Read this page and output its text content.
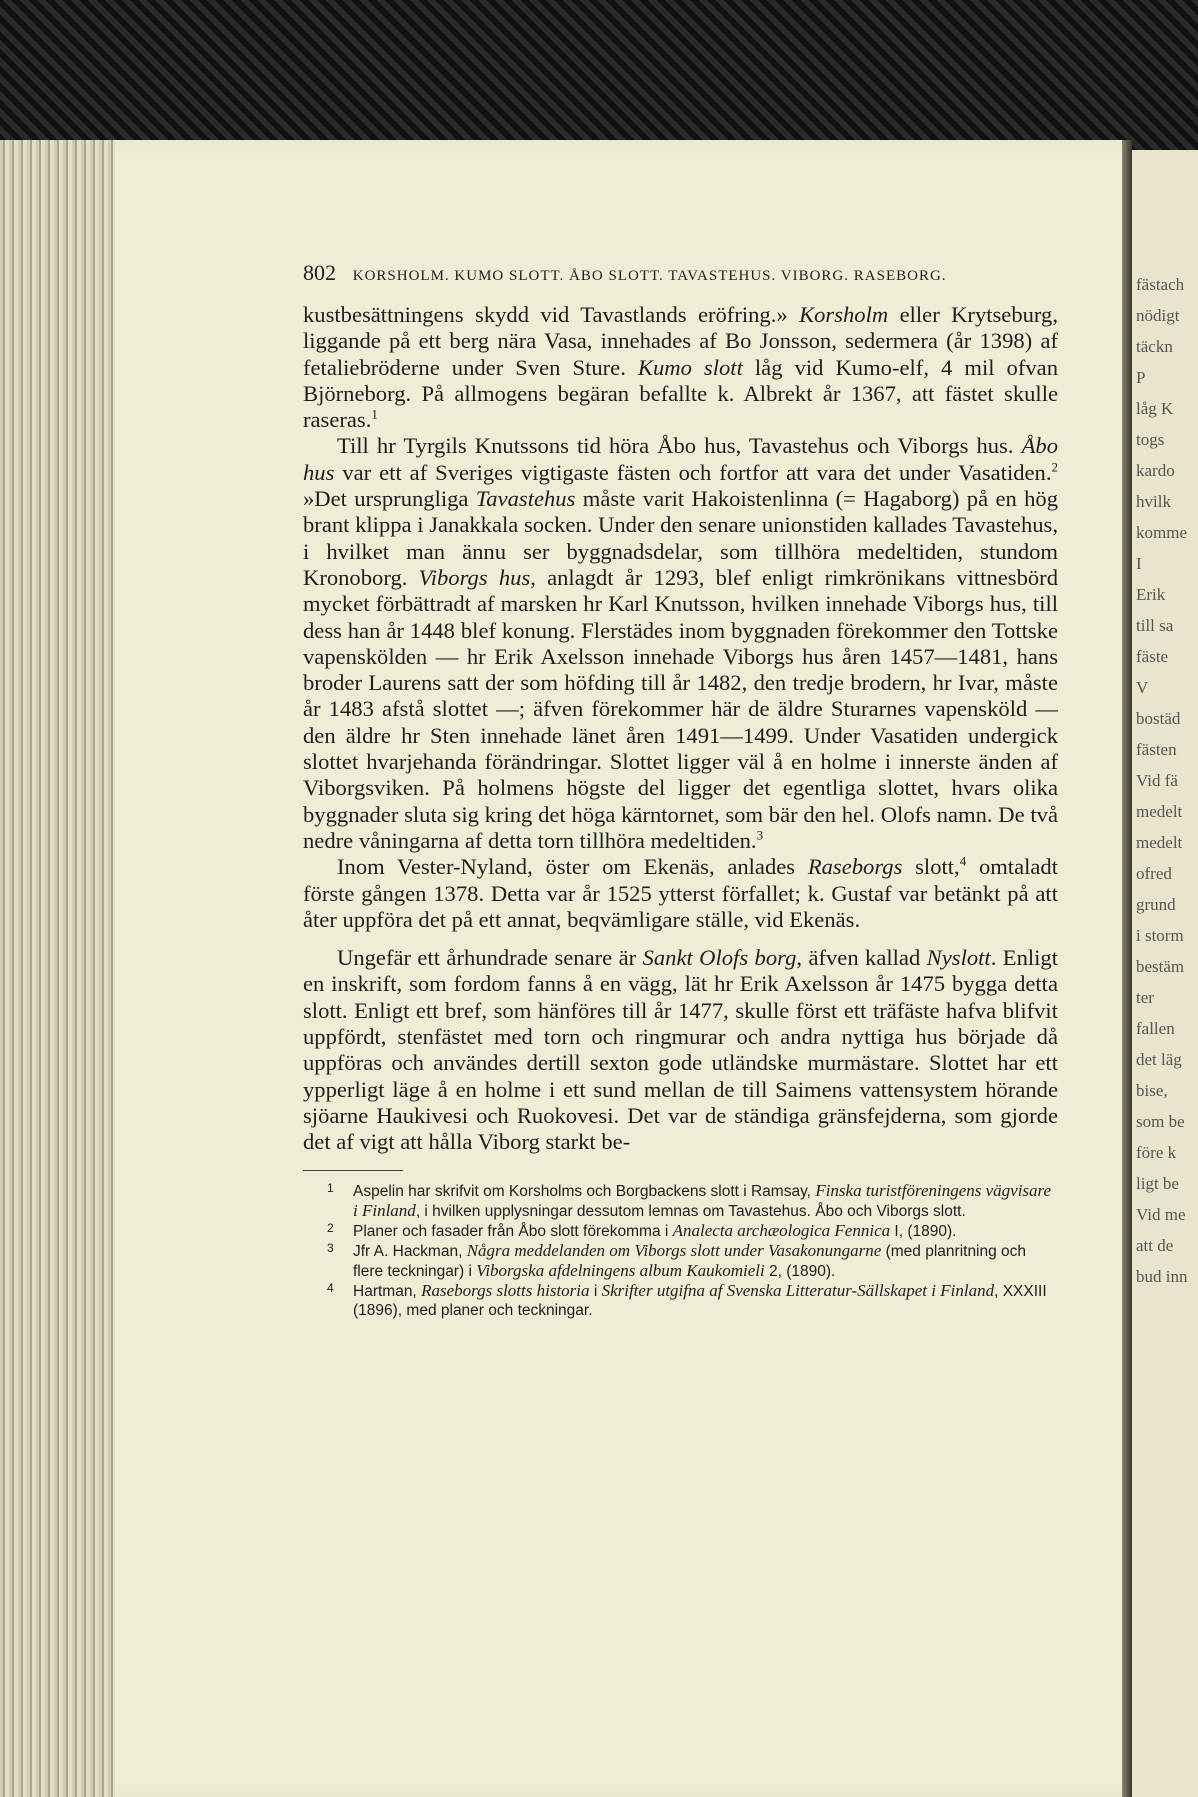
fästach
nödigt
täckn
P
låg K
togs
kardo
hvilk
komme
I
Erik
till sa
fäste
V
bostäd
fästen
Vid fä
medelt
medelt
ofred
grund
i storm
bestäm
ter
fallen
det läg
bise,
som be
före k
ligt be
Vid me
att de
bud inn
802 KORSHOLM. KUMO SLOTT. ÅBO SLOTT. TAVASTEHUS. VIBORG. RASEBORG.

kustbesättningens skydd vid Tavastlands eröfring.» Korsholm eller Krytseburg, liggande på ett berg nära Vasa, innehades af Bo Jonsson, sedermera (år 1398) af fetaliebröderne under Sven Sture. Kumo slott låg vid Kumo-elf, 4 mil ofvan Björneborg. På allmogens begäran befallte k. Albrekt år 1367, att fästet skulle raseras.$^1$

Till hr Tyrgils Knutssons tid höra Åbo hus, Tavastehus och Viborgs hus. Åbo hus var ett af Sveriges vigtigaste fästen och fortfor att vara det under Vasatiden.$^2$ »Det ursprungliga Tavastehus måste varit Hakoistenlinna (= Hagaborg) på en hög brant klippa i Janakkala socken. Under den senare unionstiden kallades Tavastehus, i hvilket man ännu ser byggnadsdelar, som tillhöra medeltiden, stundom Kronoborg. Viborgs hus, anlagdt år 1293, blef enligt rimkrönikans vittnesbörd mycket förbättradt af marsken hr Karl Knutsson, hvilken innehade Viborgs hus, till dess han år 1448 blef konung. Flerstädes inom byggnaden förekommer den Tottske vapenskölden — hr Erik Axelsson innehade Viborgs hus åren 1457—1481, hans broder Laurens satt der som höfding till år 1482, den tredje brodern, hr Ivar, måste år 1483 afstå slottet —; äfven förekommer här de äldre Sturarnes vapensköld — den äldre hr Sten innehade länet åren 1491—1499. Under Vasatiden undergick slottet hvarjehanda förändringar. Slottet ligger väl å en holme i innerste änden af Viborgsviken. På holmens högste del ligger det egentliga slottet, hvars olika byggnader sluta sig kring det höga kärntornet, som bär den hel. Olofs namn. De två nedre våningarna af detta torn tillhöra medeltiden.$^3$

Inom Vester-Nyland, öster om Ekenäs, anlades Raseborgs slott,$^4$ omtaladt förste gången 1378. Detta var år 1525 ytterst förfallet; k. Gustaf var betänkt på att åter uppföra det på ett annat, beqvämligare ställe, vid Ekenäs.

Ungefär ett århundrade senare är Sankt Olofs borg, äfven kallad Nyslott. Enligt en inskrift, som fordom fanns å en vägg, lät hr Erik Axelsson år 1475 bygga detta slott. Enligt ett bref, som hänföres till år 1477, skulle först ett träfäste hafva blifvit uppfördt, stenfästet med torn och ringmurar och andra nyttiga hus började då uppföras och användes dertill sexton gode utländske murmästare. Slottet har ett ypperligt läge å en holme i ett sund mellan de till Saimens vattensystem hörande sjöarne Haukivesi och Ruokovesi. Det var de ständiga gränsfejderna, som gjorde det af vigt att hålla Viborg starkt be-

1 Aspelin har skrifvit om Korsholms och Borgbackens slott i Ramsay, Finska turistföreningens vägvisare i Finland, i hvilken upplysningar dessutom lemnas om Tavastehus. Åbo och Viborgs slott.
2 Planer och fasader från Åbo slott förekomma i Analecta archæologica Fennica I, (1890).
3 Jfr A. Hackman, Några meddelanden om Viborgs slott under Vasakonungarne (med planritning och flere teckningar) i Viborgska afdelningens album Kaukomieli 2, (1890).
4 Hartman, Raseborgs slotts historia i Skrifter utgifna af Svenska Litteratur-Sällskapet i Finland, XXXIII (1896), med planer och teckningar.
